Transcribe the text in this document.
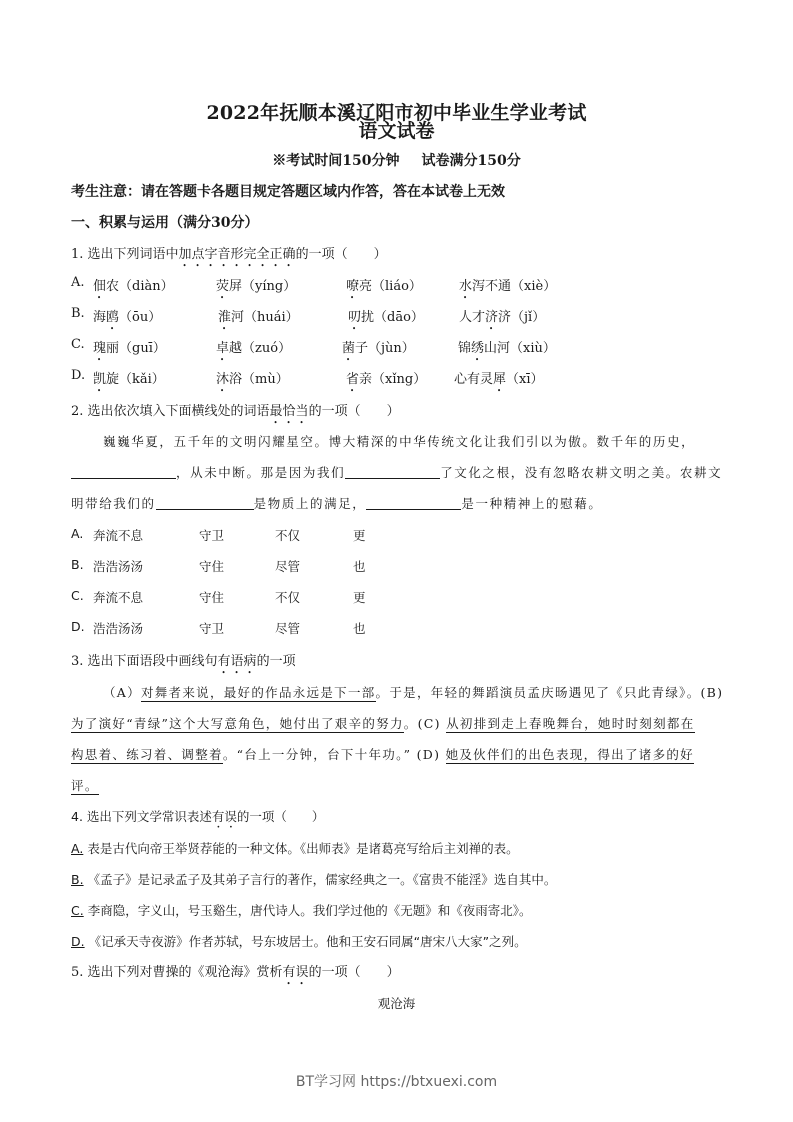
2022年抚顺本溪辽阳市初中毕业生学业考试
语文试卷
※考试时间150分钟 试卷满分150分
考生注意：请在答题卡各题目规定答题区域内作答，答在本试卷上无效
一、积累与运用（满分30分）
1. 选出下列词语中加点字音形完全正确的一项（　　）
A. 佃农（diàn）	荧屏（yíng）	嘹亮（liáo）	水泻不通（xiè）
B. 海鸥（ōu）	淮河（huái）	叨扰（dāo）	人才济济（jǐ）
C. 瑰丽（guī）	卓越（zuó）	菌子（jùn）	锦绣山河（xiù）
D. 凯旋（kǎi）	沐浴（mù）	省亲（xǐng） 心有灵犀（xī）
2. 选出依次填入下面横线处的词语最恰当的一项（　　）
巍巍华夏，五千年的文明闪耀星空。博大精深的中华传统文化让我们引以为傲。数千年的历史，
，从未中断。那是因为我们	了文化之根，没有忽略农耕文明之美。农耕文
明带给我们的	是物质上的满足，	是一种精神上的慰藉。
A. 奔流不息	守卫	不仅	更
B. 浩浩汤汤	守住	尽管	也
C. 奔流不息	守住	不仅	更
D. 浩浩汤汤	守卫	尽管	也
3. 选出下面语段中画线句有语病的一项
（A）对舞者来说，最好的作品永远是下一部。于是，年轻的舞蹈演员孟庆旸遇见了《只此青绿》。(B)
为了演好“青绿”这个大写意角色，她付出了艰辛的努力。(C) 从初排到走上春晚舞台，她时时刻刻都在
构思着、练习着、调整着。“台上一分钟，台下十年功。” (D) 她及伙伴们的出色表现，得出了诸多的好
评。
4. 选出下列文学常识表述有误的一项（　　）
A. 表是古代向帝王举贤荐能的一种文体。《出师表》是诸葛亮写给后主刘禅的表。
B. 《孟子》是记录孟子及其弟子言行的著作，儒家经典之一。《富贵不能淫》选自其中。
C. 李商隐，字义山，号玉谿生，唐代诗人。我们学过他的《无题》和《夜雨寄北》。
D. 《记承天寺夜游》作者苏轼，号东坡居士。他和王安石同属“唐宋八大家”之列。
5. 选出下列对曹操的《观沧海》赏析有误的一项（　　）
观沧海
BT学习网 https://btxuexi.com
